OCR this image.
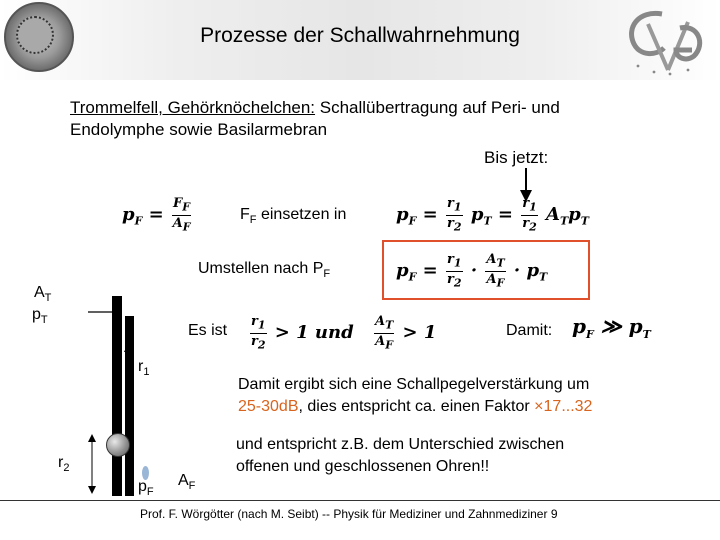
Prozesse der Schallwahrnehmung
Trommelfell, Gehörknöchelchen: Schallübertragung auf Peri- und
Endolymphe sowie Basilarmebran
Bis jetzt:
$p_F = \frac{F_F}{A_F}$	$F_F$ einsetzen in	$p_F = \frac{r_1}{r_2} p_T = \frac{r_1}{r_2} A_Tp_T$
Umstellen nach $P_F$	$p_F = \frac{r_1}{r_2} \cdot \frac{A_T}{A_F} \cdot p_T$
Es ist $\frac{r_1}{r_2} > 1$ und $\frac{A_T}{A_F} > 1$	Damit: $p_F$ ≫ $p_T$
$A_T$
$p_T$
$r_1$
$r_2$
$p_F$
$A_F$
Damit ergibt sich eine Schallpegelverstärkung um
25-30dB, dies entspricht ca. einen Faktor ×17...32
und entspricht z.B. dem Unterschied zwischen
offenen und geschlossenen Ohren!!
Prof. F. Wörgötter (nach M. Seibt) -- Physik für Mediziner und Zahnmediziner 9
